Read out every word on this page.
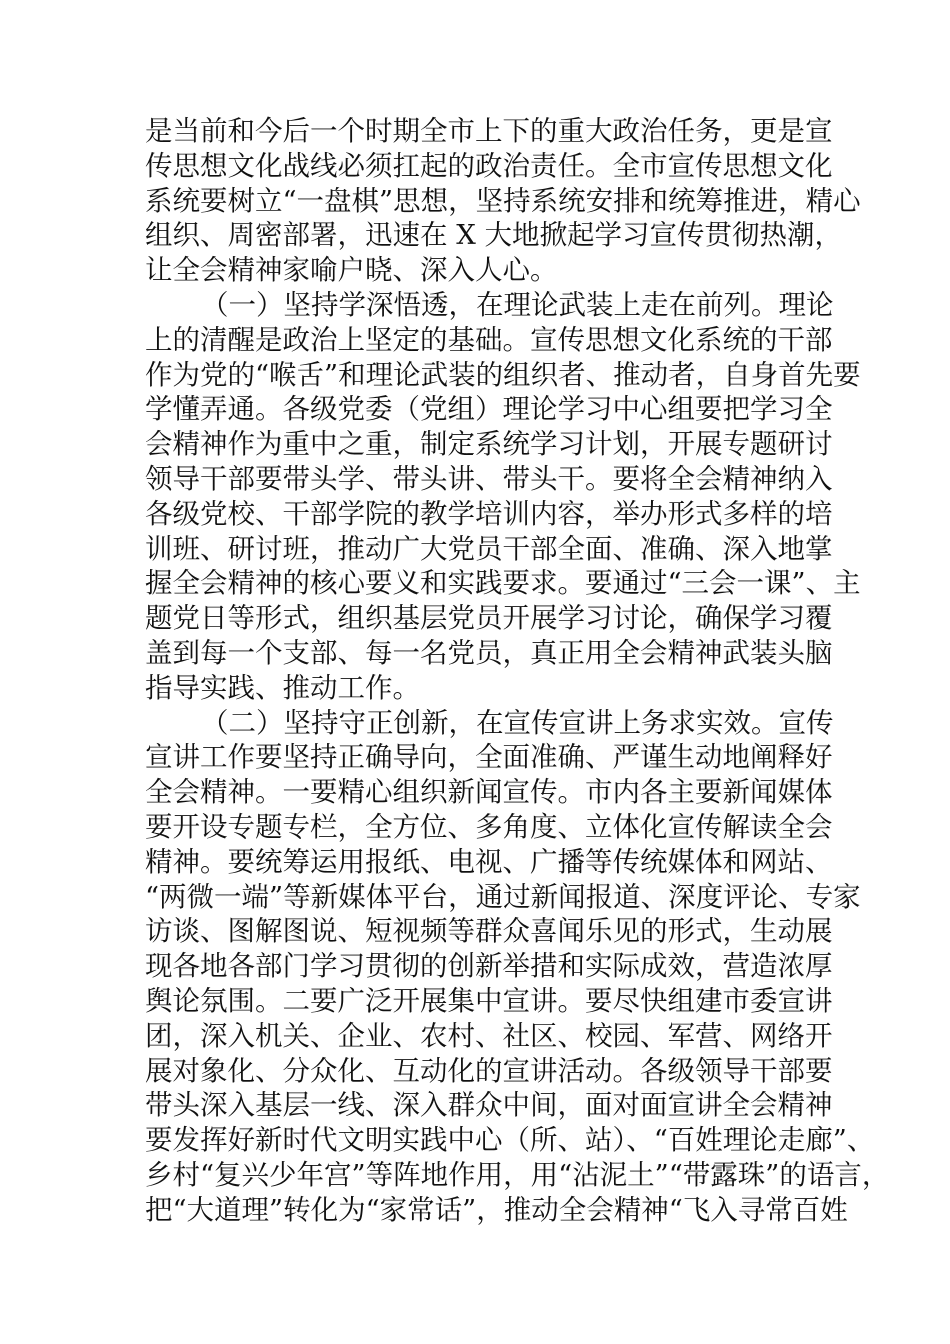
是当前和今后一个时期全市上下的重大政治任务，更是宣
传思想文化战线必须扛起的政治责任。全市宣传思想文化
系统要树立“一盘棋”思想，坚持系统安排和统筹推进，精心
组织、周密部署，迅速在 X 大地掀起学习宣传贯彻热潮，
让全会精神家喻户晓、深入人心。
（一）坚持学深悟透，在理论武装上走在前列。理论
上的清醒是政治上坚定的基础。宣传思想文化系统的干部
作为党的“喉舌”和理论武装的组织者、推动者，自身首先要
学懂弄通。各级党委（党组）理论学习中心组要把学习全
会精神作为重中之重，制定系统学习计划，开展专题研讨
领导干部要带头学、带头讲、带头干。要将全会精神纳入
各级党校、干部学院的教学培训内容，举办形式多样的培
训班、研讨班，推动广大党员干部全面、准确、深入地掌
握全会精神的核心要义和实践要求。要通过“三会一课”、主
题党日等形式，组织基层党员开展学习讨论，确保学习覆
盖到每一个支部、每一名党员，真正用全会精神武装头脑
指导实践、推动工作。
（二）坚持守正创新，在宣传宣讲上务求实效。宣传
宣讲工作要坚持正确导向，全面准确、严谨生动地阐释好
全会精神。一要精心组织新闻宣传。市内各主要新闻媒体
要开设专题专栏，全方位、多角度、立体化宣传解读全会
精神。要统筹运用报纸、电视、广播等传统媒体和网站、
“两微一端”等新媒体平台，通过新闻报道、深度评论、专家
访谈、图解图说、短视频等群众喜闻乐见的形式，生动展
现各地各部门学习贯彻的创新举措和实际成效，营造浓厚
舆论氛围。二要广泛开展集中宣讲。要尽快组建市委宣讲
团，深入机关、企业、农村、社区、校园、军营、网络开
展对象化、分众化、互动化的宣讲活动。各级领导干部要
带头深入基层一线、深入群众中间，面对面宣讲全会精神
要发挥好新时代文明实践中心（所、站）、“百姓理论走廊”、
乡村“复兴少年宫”等阵地作用，用“沾泥土”“带露珠”的语言，
把“大道理”转化为“家常话”，推动全会精神“飞入寻常百姓
